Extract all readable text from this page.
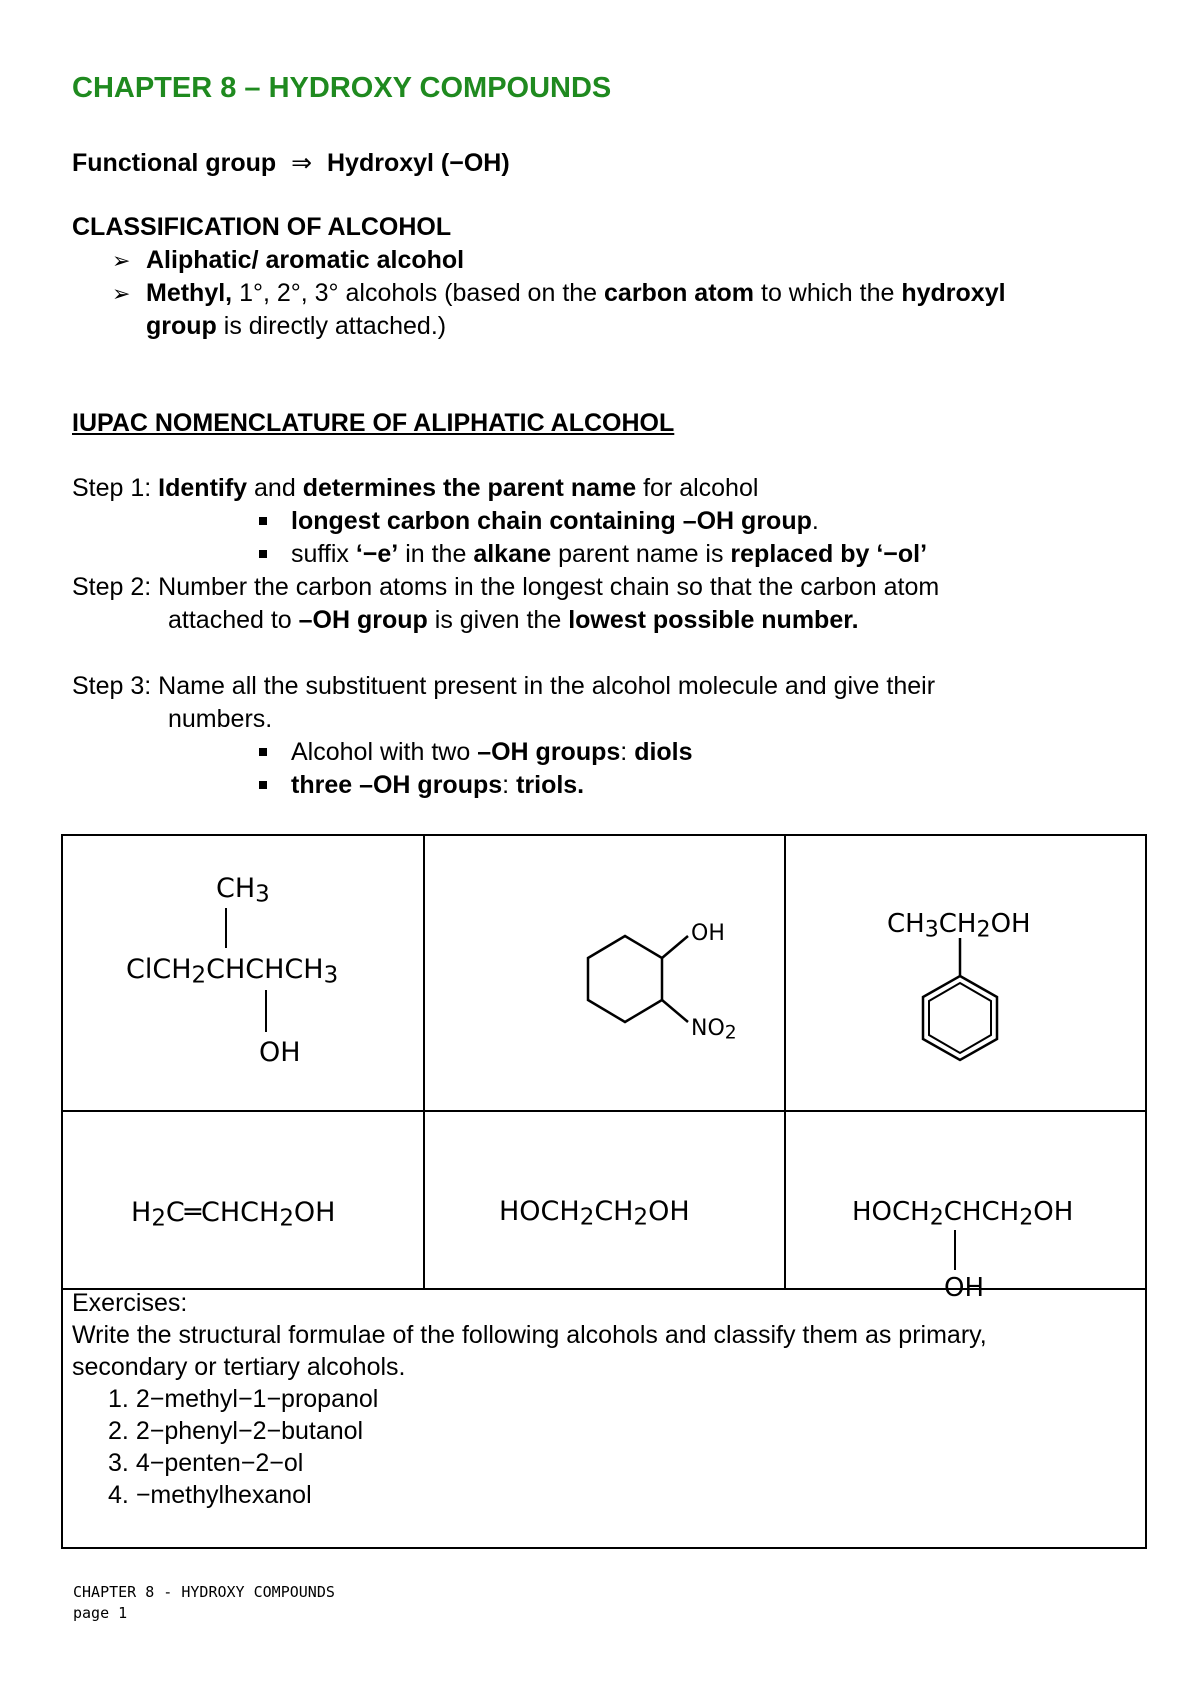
CHAPTER 8 – HYDROXY COMPOUNDS
Functional group ⇒ Hydroxyl (−OH)
CLASSIFICATION OF ALCOHOL
➢ Aliphatic/ aromatic alcohol
➢ Methyl, 1°, 2°, 3° alcohols (based on the carbon atom to which the hydroxyl
group is directly attached.)
IUPAC NOMENCLATURE OF ALIPHATIC ALCOHOL
Step 1: Identify and determines the parent name for alcohol
longest carbon chain containing –OH group.
suffix ‘−e’ in the alkane parent name is replaced by ‘−ol’
Step 2: Number the carbon atoms in the longest chain so that the carbon atom
attached to –OH group is given the lowest possible number.
Step 3: Name all the substituent present in the alcohol molecule and give their
numbers.
Alcohol with two –OH groups: diols
three –OH groups: triols.
$CH_3$
$ClCH_2CHCHCH_3$
OH
OH
$NO_2$
$CH_3CH_2OH$
$H_2C═CHCH_2OH$	$HOCH_2CH_2OH$	$HOCH_2CHCH_2OH$
OH
Exercises:
Write the structural formulae of the following alcohols and classify them as primary,
secondary or tertiary alcohols.
1. 2−methyl−1−propanol
2. 2−phenyl−2−butanol
3. 4−penten−2−ol
4. −methylhexanol
CHAPTER 8 - HYDROXY COMPOUNDS
page 1
